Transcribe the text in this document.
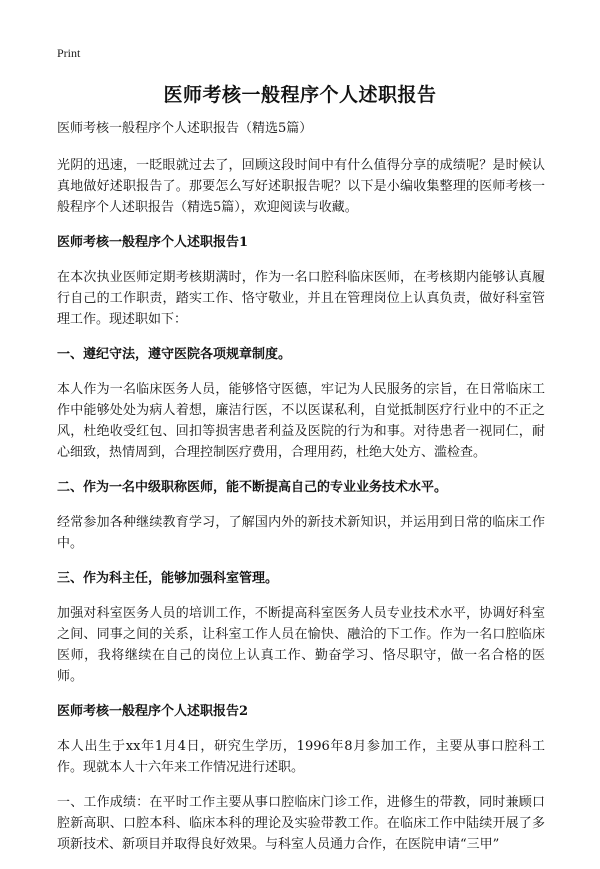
Print
医师考核一般程序个人述职报告

医师考核一般程序个人述职报告（精选5篇）

光阴的迅速，一眨眼就过去了，回顾这段时间中有什么值得分享的成绩呢？是时候认真地做好述职报告了。那要怎么写好述职报告呢？以下是小编收集整理的医师考核一般程序个人述职报告（精选5篇），欢迎阅读与收藏。

医师考核一般程序个人述职报告1

在本次执业医师定期考核期满时，作为一名口腔科临床医师，在考核期内能够认真履行自己的工作职责，踏实工作、恪守敬业，并且在管理岗位上认真负责，做好科室管理工作。现述职如下：

一、遵纪守法，遵守医院各项规章制度。

本人作为一名临床医务人员，能够恪守医德，牢记为人民服务的宗旨，在日常临床工作中能够处处为病人着想，廉洁行医，不以医谋私利，自觉抵制医疗行业中的不正之风，杜绝收受红包、回扣等损害患者利益及医院的行为和事。对待患者一视同仁，耐心细致，热情周到，合理控制医疗费用，合理用药，杜绝大处方、滥检查。

二、作为一名中级职称医师，能不断提高自己的专业业务技术水平。

经常参加各种继续教育学习，了解国内外的新技术新知识，并运用到日常的临床工作中。

三、作为科主任，能够加强科室管理。

加强对科室医务人员的培训工作，不断提高科室医务人员专业技术水平，协调好科室之间、同事之间的关系，让科室工作人员在愉快、融洽的下工作。作为一名口腔临床医师，我将继续在自己的岗位上认真工作、勤奋学习、恪尽职守，做一名合格的医师。

医师考核一般程序个人述职报告2

本人出生于xx年1月4日，研究生学历，1996年8月参加工作，主要从事口腔科工作。现就本人十六年来工作情况进行述职。

一、工作成绩：在平时工作主要从事口腔临床门诊工作，进修生的带教，同时兼顾口腔新高职、口腔本科、临床本科的理论及实验带教工作。在临床工作中陆续开展了多项新技术、新项目并取得良好效果。与科室人员通力合作，在医院申请“三甲”
